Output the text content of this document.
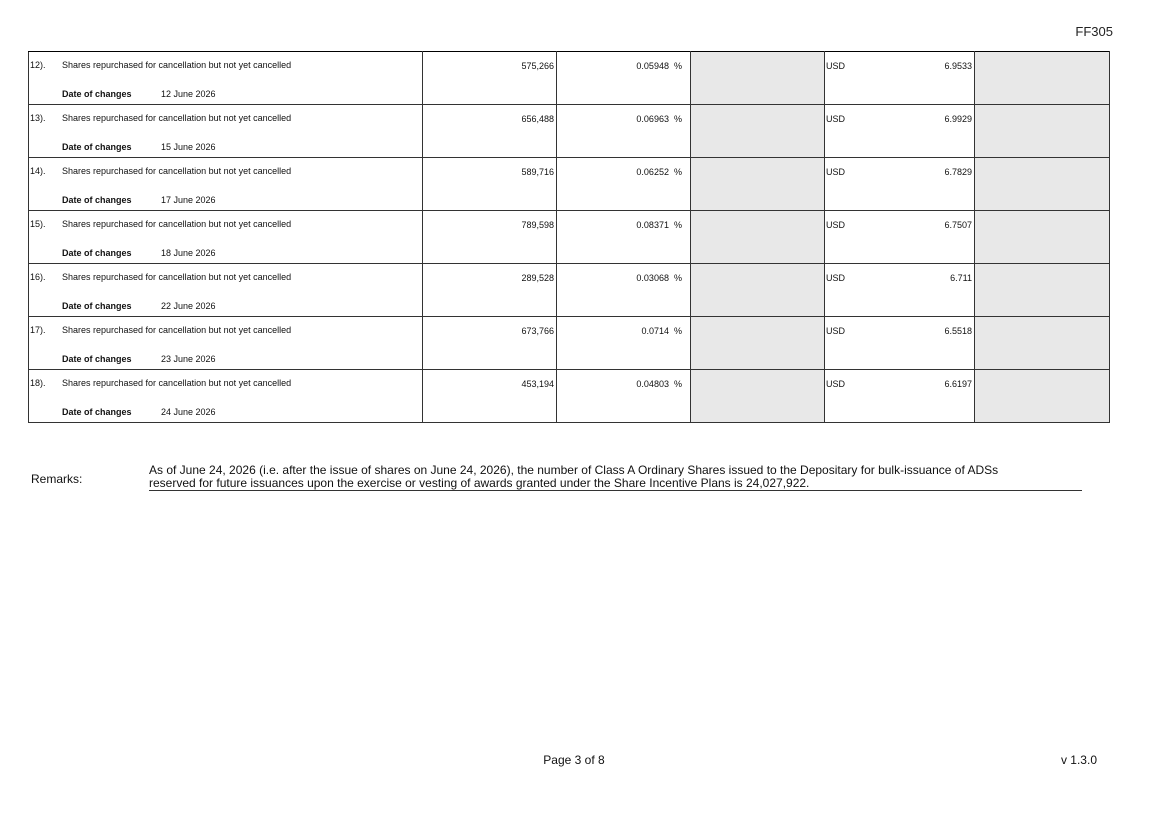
FF305
12). Shares repurchased for cancellation but not yet cancelled
Date of changes 12 June 2026	575,266	0.05948 %		USD 6.9533	

13). Shares repurchased for cancellation but not yet cancelled
Date of changes 15 June 2026	656,488	0.06963 %		USD 6.9929	

14). Shares repurchased for cancellation but not yet cancelled
Date of changes 17 June 2026	589,716	0.06252 %		USD 6.7829	

15). Shares repurchased for cancellation but not yet cancelled
Date of changes 18 June 2026	789,598	0.08371 %		USD 6.7507	

16). Shares repurchased for cancellation but not yet cancelled
Date of changes 22 June 2026	289,528	0.03068 %		USD 6.711	

17). Shares repurchased for cancellation but not yet cancelled
Date of changes 23 June 2026	673,766	0.0714 %		USD 6.5518	

18). Shares repurchased for cancellation but not yet cancelled
Date of changes 24 June 2026	453,194	0.04803 %		USD 6.6197	

Remarks:
As of June 24, 2026 (i.e. after the issue of shares on June 24, 2026), the number of Class A Ordinary Shares issued to the Depositary for bulk-issuance of ADSs
reserved for future issuances upon the exercise or vesting of awards granted under the Share Incentive Plans is 24,027,922.
Page 3 of 8	v 1.3.0
